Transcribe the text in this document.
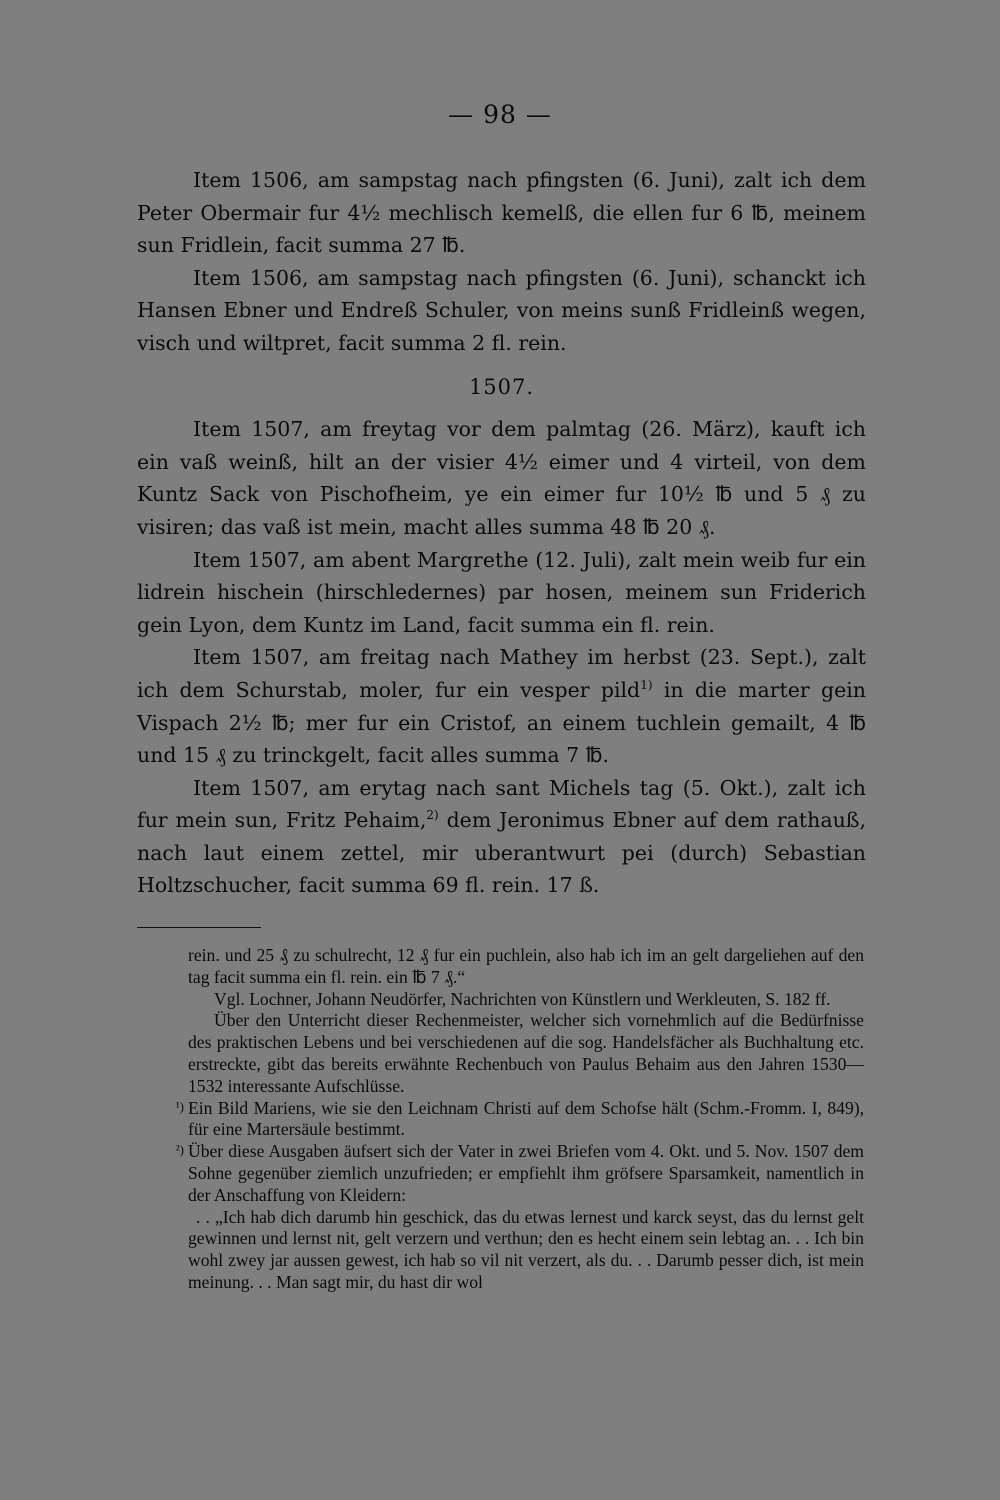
— 98 —

Item 1506, am sampstag nach pfingsten (6. Juni), zalt ich dem Peter Obermair fur 4½ mechlisch kemelß, die ellen fur 6 ℔, meinem sun Fridlein, facit summa 27 ℔.

Item 1506, am sampstag nach pfingsten (6. Juni), schanckt ich Hansen Ebner und Endreß Schuler, von meins sunß Fridleinß wegen, visch und wiltpret, facit summa 2 fl. rein.

1507.

Item 1507, am freytag vor dem palmtag (26. März), kauft ich ein vaß weinß, hilt an der visier 4½ eimer und 4 virteil, von dem Kuntz Sack von Pischofheim, ye ein eimer fur 10½ ℔ und 5 ₰ zu visiren; das vaß ist mein, macht alles summa 48 ℔ 20 ₰.

Item 1507, am abent Margrethe (12. Juli), zalt mein weib fur ein lidrein hischein (hirschledernes) par hosen, meinem sun Friderich gein Lyon, dem Kuntz im Land, facit summa ein fl. rein.

Item 1507, am freitag nach Mathey im herbst (23. Sept.), zalt ich dem Schurstab, moler, fur ein vesper pild$^{1)}$ in die marter gein Vispach 2½ ℔; mer fur ein Cristof, an einem tuchlein gemailt, 4 ℔ und 15 ₰ zu trinckgelt, facit alles summa 7 ℔.

Item 1507, am erytag nach sant Michels tag (5. Okt.), zalt ich fur mein sun, Fritz Pehaim,$^{2)}$ dem Jeronimus Ebner auf dem rathauß, nach laut einem zettel, mir uberantwurt pei (durch) Sebastian Holtzschucher, facit summa 69 fl. rein. 17 ß.

rein. und 25 ₰ zu schulrecht, 12 ₰ fur ein puchlein, also hab ich im an gelt dargeliehen auf den tag facit summa ein fl. rein. ein ℔ 7 ₰.“

Vgl. Lochner, Johann Neudörfer, Nachrichten von Künstlern und Werkleuten, S. 182 ff.

Über den Unterricht dieser Rechenmeister, welcher sich vornehmlich auf die Bedürfnisse des praktischen Lebens und bei verschiedenen auf die sog. Handelsfächer als Buchhaltung etc. erstreckte, gibt das bereits erwähnte Rechenbuch von Paulus Behaim aus den Jahren 1530—1532 interessante Aufschlüsse.

¹) Ein Bild Mariens, wie sie den Leichnam Christi auf dem Schofse hält (Schm.-Fromm. I, 849), für eine Martersäule bestimmt.

²) Über diese Ausgaben äufsert sich der Vater in zwei Briefen vom 4. Okt. und 5. Nov. 1507 dem Sohne gegenüber ziemlich unzufrieden; er empfiehlt ihm gröfsere Sparsamkeit, namentlich in der Anschaffung von Kleidern:

. . „Ich hab dich darumb hin geschick, das du etwas lernest und karck seyst, das du lernst gelt gewinnen und lernst nit, gelt verzern und verthun; den es hecht einem sein lebtag an. . . Ich bin wohl zwey jar aussen gewest, ich hab so vil nit verzert, als du. . . Darumb pesser dich, ist mein meinung. . . Man sagt mir, du hast dir wol
